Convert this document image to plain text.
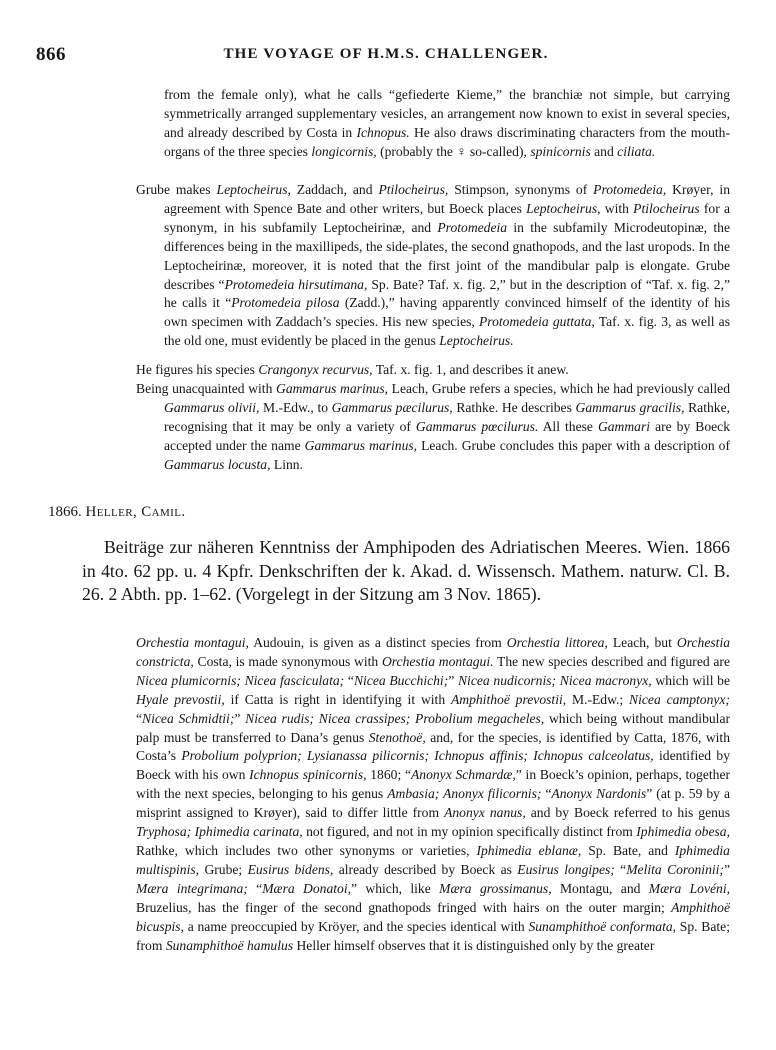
866	THE VOYAGE OF H.M.S. CHALLENGER.
from the female only), what he calls “gefiederte Kieme,” the branchiæ not simple, but carrying symmetrically arranged supplementary vesicles, an arrangement now known to exist in several species, and already described by Costa in Ichnopus. He also draws discriminating characters from the mouth-organs of the three species longicornis, (probably the ♀ so-called), spinicornis and ciliata.
Grube makes Leptocheirus, Zaddach, and Ptilocheirus, Stimpson, synonyms of Protomedeia, Krøyer, in agreement with Spence Bate and other writers, but Boeck places Leptocheirus, with Ptilocheirus for a synonym, in his subfamily Leptocheirinæ, and Protomedeia in the subfamily Microdeutopinæ, the differences being in the maxillipeds, the side-plates, the second gnathopods, and the last uropods. In the Leptocheirinæ, moreover, it is noted that the first joint of the mandibular palp is elongate. Grube describes “Protomedeia hirsutimana, Sp. Bate? Taf. x. fig. 2,” but in the description of “Taf. x. fig. 2,” he calls it “Protomedeia pilosa (Zadd.),” having apparently convinced himself of the identity of his own specimen with Zaddach’s species. His new species, Protomedeia guttata, Taf. x. fig. 3, as well as the old one, must evidently be placed in the genus Leptocheirus.
He figures his species Crangonyx recurvus, Taf. x. fig. 1, and describes it anew.
Being unacquainted with Gammarus marinus, Leach, Grube refers a species, which he had previously called Gammarus olivii, M.-Edw., to Gammarus pæcilurus, Rathke. He describes Gammarus gracilis, Rathke, recognising that it may be only a variety of Gammarus pœcilurus. All these Gammari are by Boeck accepted under the name Gammarus marinus, Leach. Grube concludes this paper with a description of Gammarus locusta, Linn.
1866. Heller, Camil.
Beiträge zur näheren Kenntniss der Amphipoden des Adriatischen Meeres. Wien. 1866 in 4to. 62 pp. u. 4 Kpfr. Denkschriften der k. Akad. d. Wissensch. Mathem. naturw. Cl. B. 26. 2 Abth. pp. 1–62. (Vorgelegt in der Sitzung am 3 Nov. 1865).
Orchestia montagui, Audouin, is given as a distinct species from Orchestia littorea, Leach, but Orchestia constricta, Costa, is made synonymous with Orchestia montagui. The new species described and figured are Nicea plumicornis; Nicea fasciculata; “Nicea Bucchichi;” Nicea nudicornis; Nicea macronyx, which will be Hyale prevostii, if Catta is right in identifying it with Amphithoë prevostii, M.-Edw.; Nicea camptonyx; “Nicea Schmidtii;” Nicea rudis; Nicea crassipes; Probolium megacheles, which being without mandibular palp must be transferred to Dana’s genus Stenothoë, and, for the species, is identified by Catta, 1876, with Costa’s Probolium polyprion; Lysianassa pilicornis; Ichnopus affinis; Ichnopus calceolatus, identified by Boeck with his own Ichnopus spinicornis, 1860; “Anonyx Schmardæ,” in Boeck’s opinion, perhaps, together with the next species, belonging to his genus Ambasia; Anonyx filicornis; “Anonyx Nardonis” (at p. 59 by a misprint assigned to Krøyer), said to differ little from Anonyx nanus, and by Boeck referred to his genus Tryphosa; Iphimedia carinata, not figured, and not in my opinion specifically distinct from Iphimedia obesa, Rathke, which includes two other synonyms or varieties, Iphimedia eblanæ, Sp. Bate, and Iphimedia multispinis, Grube; Eusirus bidens, already described by Boeck as Eusirus longipes; “Melita Coroninii;” Mæra integrimana; “Mæra Donatoi,” which, like Mæra grossimanus, Montagu, and Mæra Lovéni, Bruzelius, has the finger of the second gnathopods fringed with hairs on the outer margin; Amphithoë bicuspis, a name preoccupied by Kröyer, and the species identical with Sunamphithoë conformata, Sp. Bate; from Sunamphithoë hamulus Heller himself observes that it is distinguished only by the greater
